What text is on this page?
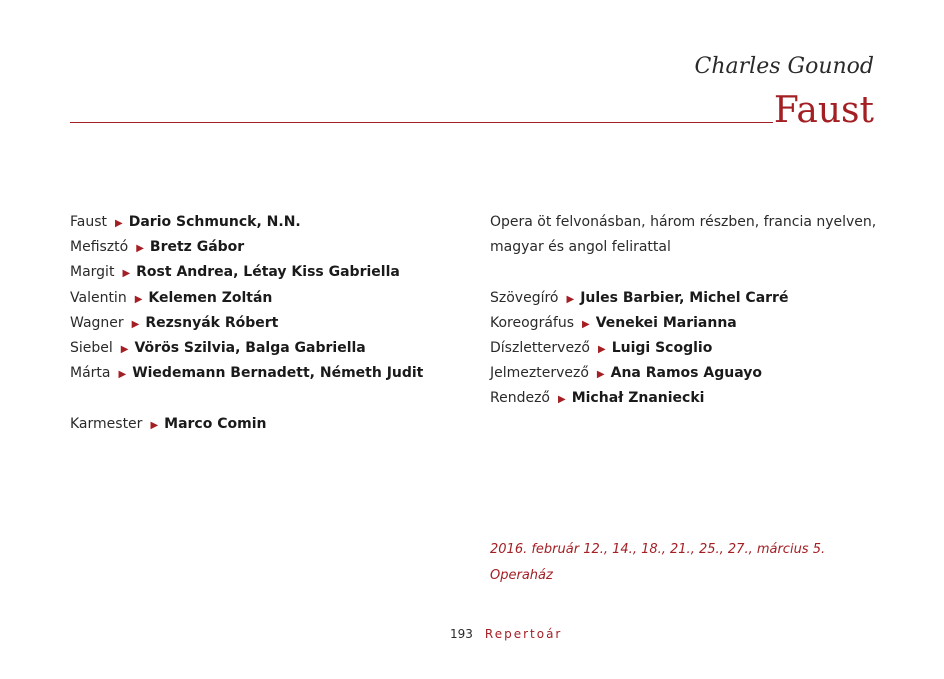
Charles Gounod
Faust
Faust ▶ Dario Schmunck, N.N.
Mefisztó ▶ Bretz Gábor
Margit ▶ Rost Andrea, Létay Kiss Gabriella
Valentin ▶ Kelemen Zoltán
Wagner ▶ Rezsnyák Róbert
Siebel ▶ Vörös Szilvia, Balga Gabriella
Márta ▶ Wiedemann Bernadett, Németh Judit
Karmester ▶ Marco Comin
Opera öt felvonásban, három részben, francia nyelven,
magyar és angol felirattal
Szövegíró ▶ Jules Barbier, Michel Carré
Koreográfus ▶ Venekei Marianna
Díszlettervező ▶ Luigi Scoglio
Jelmeztervező ▶ Ana Ramos Aguayo
Rendező ▶ Michał Znaniecki
2016. február 12., 14., 18., 21., 25., 27., március 5.
Operaház
193 Repertoár
